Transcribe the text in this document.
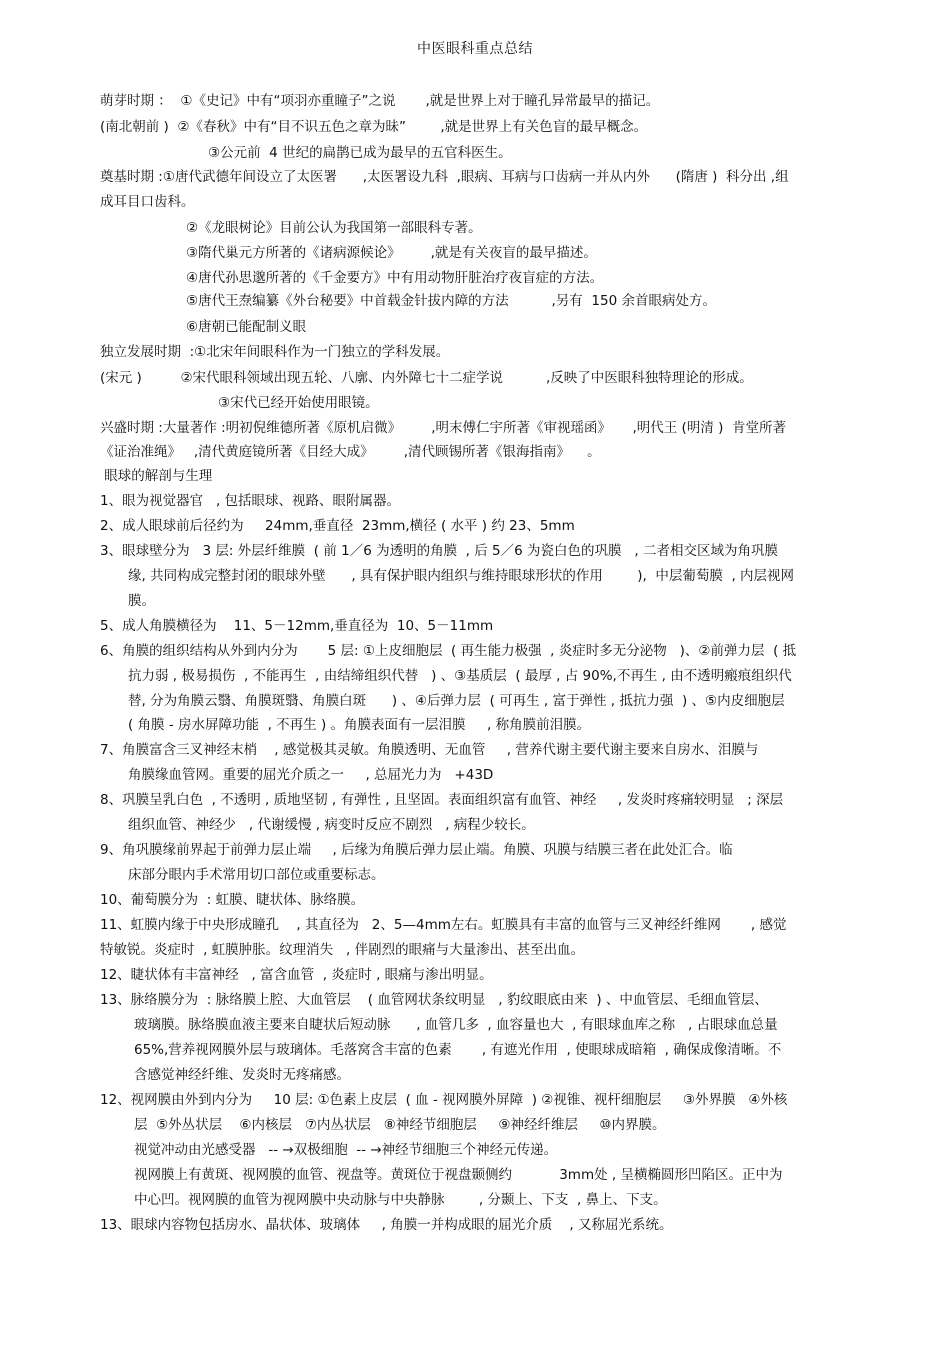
中医眼科重点总结
萌芽时期 ：  ①《史记》中有“项羽亦重瞳子”之说       ,就是世界上对于瞳孔异常最早的描记。
(南北朝前 )  ②《春秋》中有“目不识五色之章为昧”        ,就是世界上有关色盲的最早概念。
③公元前  4 世纪的扁鹊已成为最早的五官科医生。
奠基时期 :①唐代武德年间设立了太医署      ,太医署设九科  ,眼病、耳病与口齿病一并从内外      (隋唐 )  科分出 ,组
成耳目口齿科。
②《龙眼树论》目前公认为我国第一部眼科专著。
③隋代巢元方所著的《诸病源候论》       ,就是有关夜盲的最早描述。
④唐代孙思邈所著的《千金要方》中有用动物肝脏治疗夜盲症的方法。
⑤唐代王焘编纂《外台秘要》中首载金针拔内障的方法          ,另有  150 余首眼病处方。
⑥唐朝已能配制义眼
独立发展时期  :①北宋年间眼科作为一门独立的学科发展。
(宋元 )         ②宋代眼科领域出现五轮、八廓、内外障七十二症学说          ,反映了中医眼科独特理论的形成。
③宋代已经开始使用眼镜。
兴盛时期 :大量著作 :明初倪维德所著《原机启微》       ,明末傅仁宇所著《审视瑶函》     ,明代王 (明清 )  肯堂所著
《证治准绳》   ,清代黄庭镜所著《目经大成》       ,清代顾锡所著《银海指南》    。
眼球的解剖与生理
1、眼为视觉器官   , 包括眼球、视路、眼附属器。
2、成人眼球前后径约为     24mm,垂直径  23mm,横径 ( 水平 ) 约 23、5mm
3、眼球壁分为   3 层: 外层纤维膜  ( 前 1／6 为透明的角膜  , 后 5／6 为瓷白色的巩膜   , 二者相交区域为角巩膜
缘, 共同构成完整封闭的眼球外壁      , 具有保护眼内组织与维持眼球形状的作用        ),  中层葡萄膜  , 内层视网
膜。
5、成人角膜横径为    11、5－12mm,垂直径为  10、5－11mm
6、角膜的组织结构从外到内分为       5 层: ①上皮细胞层  ( 再生能力极强  , 炎症时多无分泌物   )、②前弹力层  ( 抵
抗力弱 , 极易损伤  , 不能再生  , 由结缔组织代替   ) 、③基质层  ( 最厚 , 占 90%,不再生 , 由不透明瘢痕组织代
替, 分为角膜云翳、角膜斑翳、角膜白斑      ) 、④后弹力层  ( 可再生 , 富于弹性 , 抵抗力强  ) 、⑤内皮细胞层
( 角膜 - 房水屏障功能  , 不再生 ) 。角膜表面有一层泪膜     , 称角膜前泪膜。
7、角膜富含三叉神经末梢    , 感觉极其灵敏。角膜透明、无血管     , 营养代谢主要代谢主要来自房水、泪膜与
角膜缘血管网。重要的屈光介质之一     , 总屈光力为   +43D
8、巩膜呈乳白色  , 不透明 , 质地坚韧 , 有弹性 , 且坚固。表面组织富有血管、神经     , 发炎时疼痛较明显   ; 深层
组织血管、神经少   , 代谢缓慢 , 病变时反应不剧烈   , 病程少较长。
9、角巩膜缘前界起于前弹力层止端     , 后缘为角膜后弹力层止端。角膜、巩膜与结膜三者在此处汇合。临
床部分眼内手术常用切口部位或重要标志。
10、葡萄膜分为  : 虹膜、睫状体、脉络膜。
11、虹膜内缘于中央形成瞳孔    , 其直径为   2、5—4mm左右。虹膜具有丰富的血管与三叉神经纤维网       , 感觉
特敏锐。炎症时  , 虹膜肿胀。纹理消失   , 伴剧烈的眼痛与大量渗出、甚至出血。
12、睫状体有丰富神经   , 富含血管  , 炎症时 , 眼痛与渗出明显。
13、脉络膜分为  : 脉络膜上腔、大血管层    ( 血管网状条纹明显   , 豹纹眼底由来  ) 、中血管层、毛细血管层、
玻璃膜。脉络膜血液主要来自睫状后短动脉      , 血管几多  , 血容量也大  , 有眼球血库之称   , 占眼球血总量
65%,营养视网膜外层与玻璃体。毛落窝含丰富的色素       , 有遮光作用  , 使眼球成暗箱  , 确保成像清晰。不
含感觉神经纤维、发炎时无疼痛感。
12、视网膜由外到内分为     10 层: ①色素上皮层  ( 血 - 视网膜外屏障  ) ②视锥、视杆细胞层     ③外界膜   ④外核
层  ⑤外丛状层    ⑥内核层   ⑦内丛状层   ⑧神经节细胞层     ⑨神经纤维层     ⑩内界膜。
视觉冲动由光感受器   -- →双极细胞  -- →神经节细胞三个神经元传递。
视网膜上有黄斑、视网膜的血管、视盘等。黄斑位于视盘颞侧约           3mm处 , 呈横椭圆形凹陷区。正中为
中心凹。视网膜的血管为视网膜中央动脉与中央静脉        , 分颞上、下支  , 鼻上、下支。
13、眼球内容物包括房水、晶状体、玻璃体     , 角膜一并构成眼的屈光介质    , 又称屈光系统。
